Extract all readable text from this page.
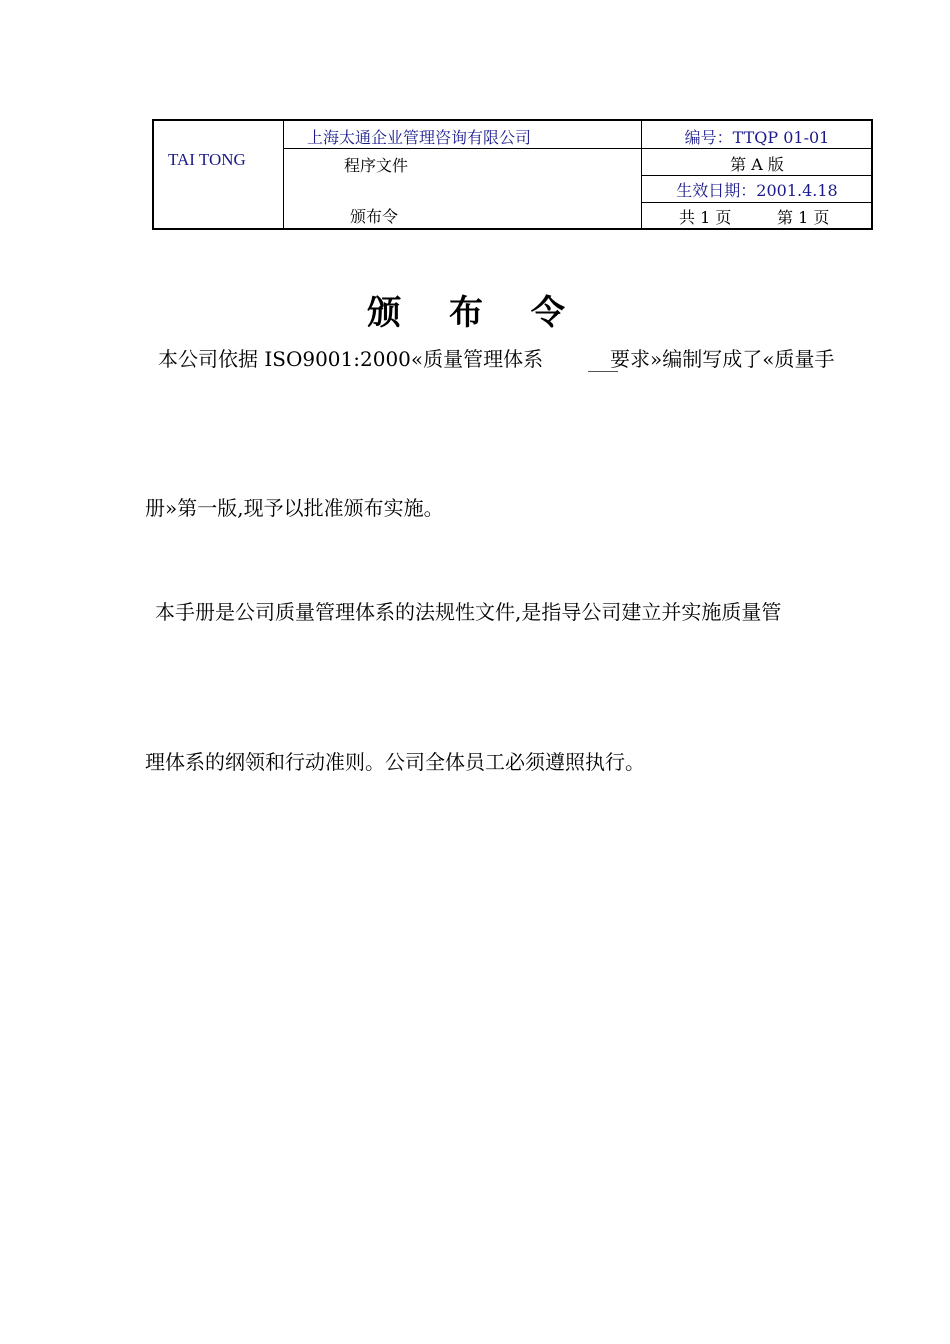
TAI TONG
上海太通企业管理咨询有限公司
程序文件
颁布令
编号：TTQP 01-01
第 A 版
生效日期：2001.4.18
共 1 页	第 1 页
颁 布 令
本公司依据 ISO9001:2000«质量管理体系	要求»编制写成了«质量手
册»第一版,现予以批准颁布实施。
本手册是公司质量管理体系的法规性文件,是指导公司建立并实施质量管
理体系的纲领和行动准则。公司全体员工必须遵照执行。
